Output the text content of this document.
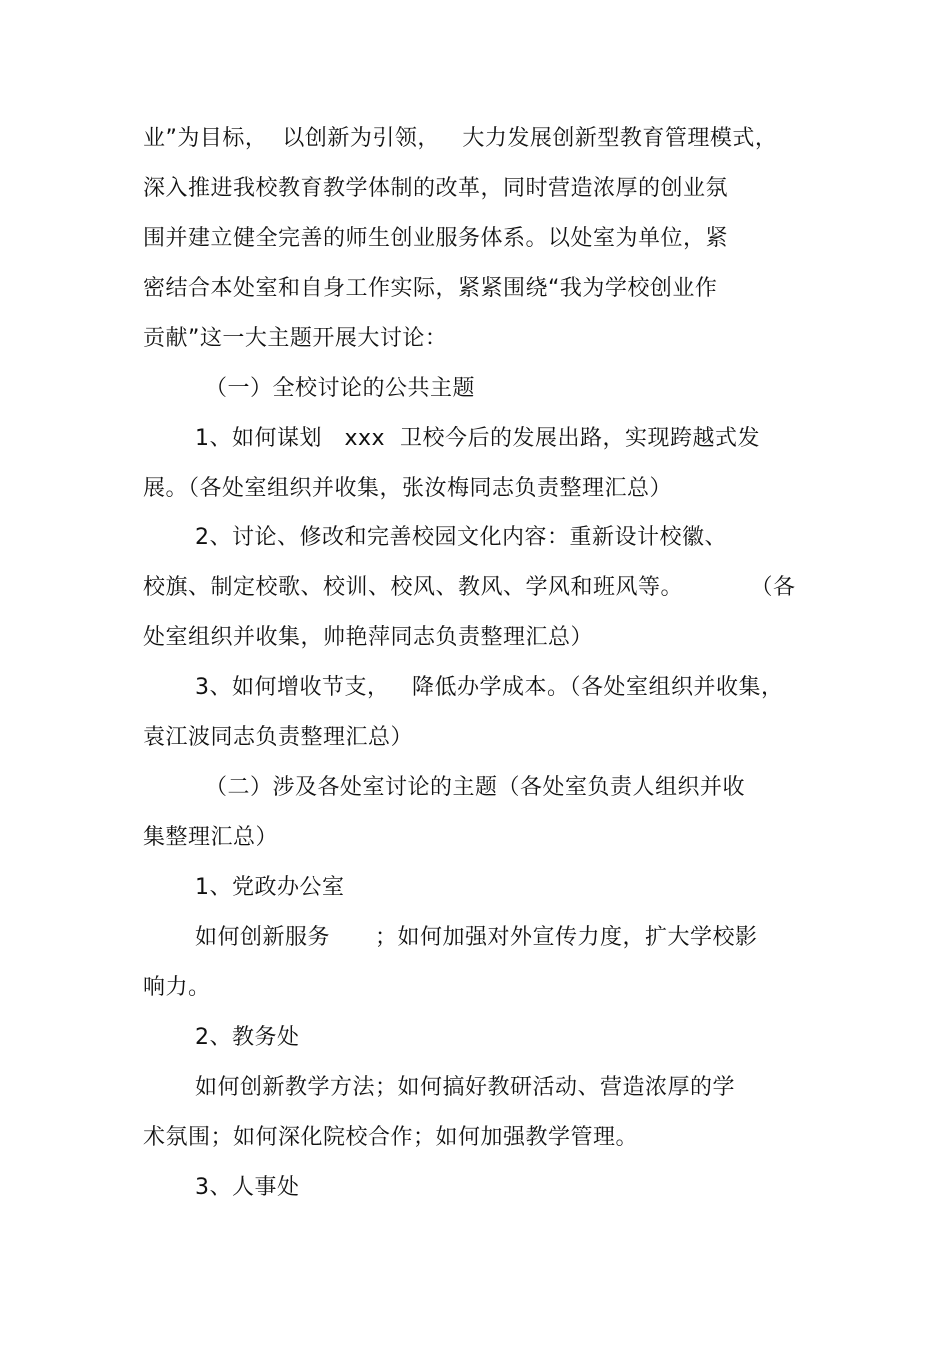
业”为目标，  以创新为引领，   大力发展创新型教育管理模式，
深入推进我校教育教学体制的改革，同时营造浓厚的创业氛
围并建立健全完善的师生创业服务体系。以处室为单位，紧
密结合本处室和自身工作实际，紧紧围绕“我为学校创业作
贡献”这一大主题开展大讨论：
（一）全校讨论的公共主题
1、如何谋划   xxx  卫校今后的发展出路，实现跨越式发
展。（各处室组织并收集，张汝梅同志负责整理汇总）
2、讨论、修改和完善校园文化内容：重新设计校徽、
校旗、制定校歌、校训、校风、教风、学风和班风等。         （各
处室组织并收集，帅艳萍同志负责整理汇总）
3、如何增收节支，   降低办学成本。（各处室组织并收集，
袁江波同志负责整理汇总）
（二）涉及各处室讨论的主题（各处室负责人组织并收
集整理汇总）
1、党政办公室
如何创新服务      ；如何加强对外宣传力度，扩大学校影
响力。
2、教务处
如何创新教学方法；如何搞好教研活动、营造浓厚的学
术氛围；如何深化院校合作；如何加强教学管理。
3、人事处
